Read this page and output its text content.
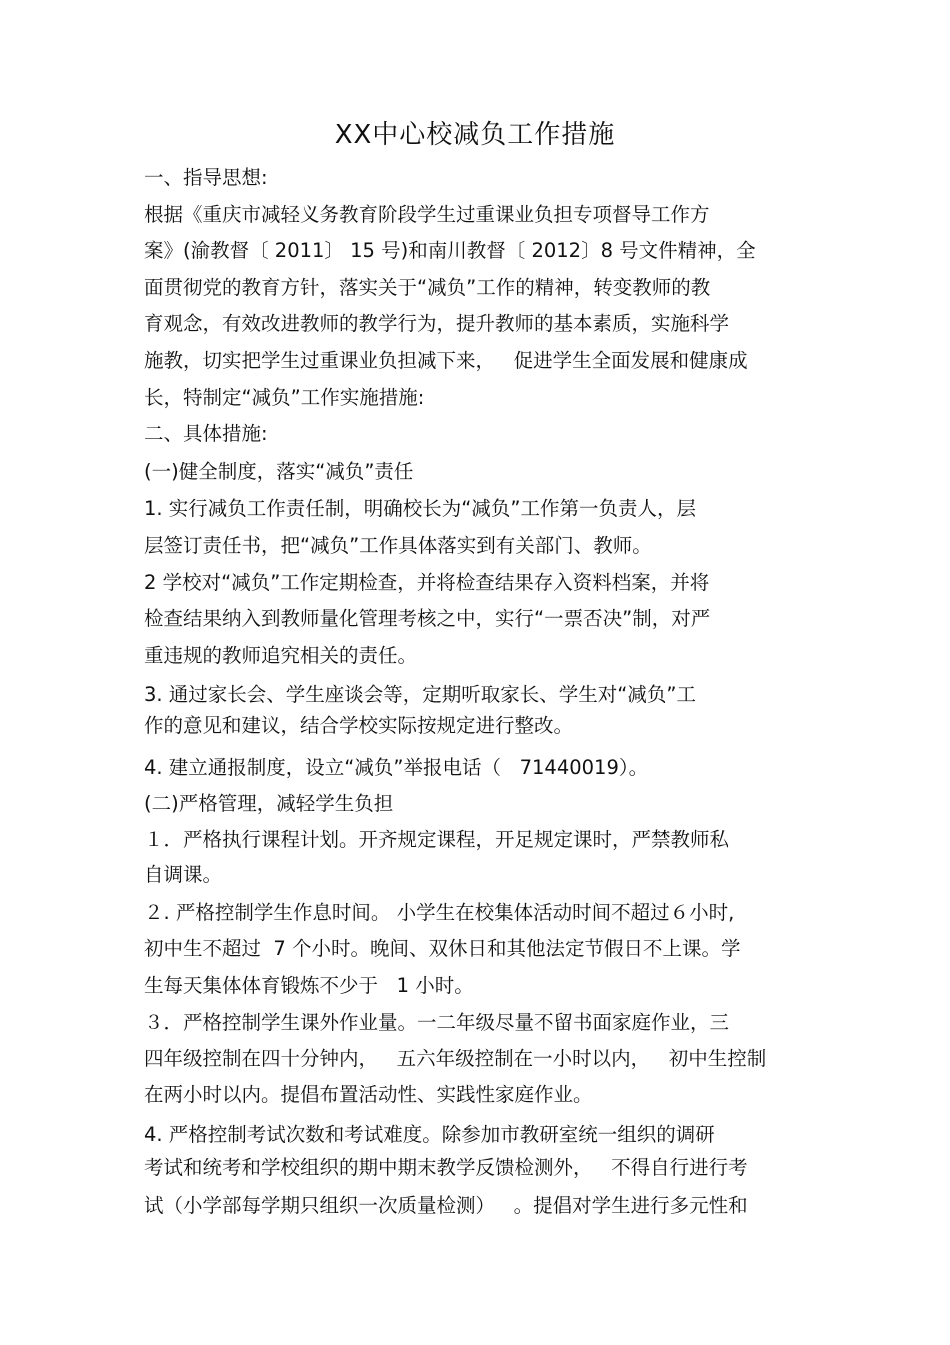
XX中心校减负工作措施
一、指导思想:
根据《重庆市减轻义务教育阶段学生过重课业负担专项督导工作方
案》(渝教督〔 2011〕 15 号)和南川教督〔 2012〕8 号文件精神，全
面贯彻党的教育方针，落实关于“减负”工作的精神，转变教师的教
育观念，有效改进教师的教学行为，提升教师的基本素质，实施科学
施教，切实把学生过重课业负担减下来，   促进学生全面发展和健康成
长，特制定“减负”工作实施措施:
二、具体措施:
(一)健全制度，落实“减负”责任
1. 实行减负工作责任制，明确校长为“减负”工作第一负责人，层
层签订责任书，把“减负”工作具体落实到有关部门、教师。
2 学校对“减负”工作定期检查，并将检查结果存入资料档案，并将
检查结果纳入到教师量化管理考核之中，实行“一票否决”制，对严
重违规的教师追究相关的责任。
3. 通过家长会、学生座谈会等，定期听取家长、学生对“减负”工
作的意见和建议，结合学校实际按规定进行整改。
4. 建立通报制度，设立“减负”举报电话（   71440019）。
(二)严格管理，减轻学生负担
１．严格执行课程计划。开齐规定课程，开足规定课时，严禁教师私
自调课。
２. 严格控制学生作息时间。 小学生在校集体活动时间不超过６小时,
初中生不超过  7 个小时。晚间、双休日和其他法定节假日不上课。学
生每天集体体育锻炼不少于   1 小时。
３．严格控制学生课外作业量。一二年级尽量不留书面家庭作业，三
四年级控制在四十分钟内，   五六年级控制在一小时以内，   初中生控制
在两小时以内。提倡布置活动性、实践性家庭作业。
4. 严格控制考试次数和考试难度。除参加市教研室统一组织的调研
考试和统考和学校组织的期中期末教学反馈检测外，   不得自行进行考
试（小学部每学期只组织一次质量检测）   。提倡对学生进行多元性和
